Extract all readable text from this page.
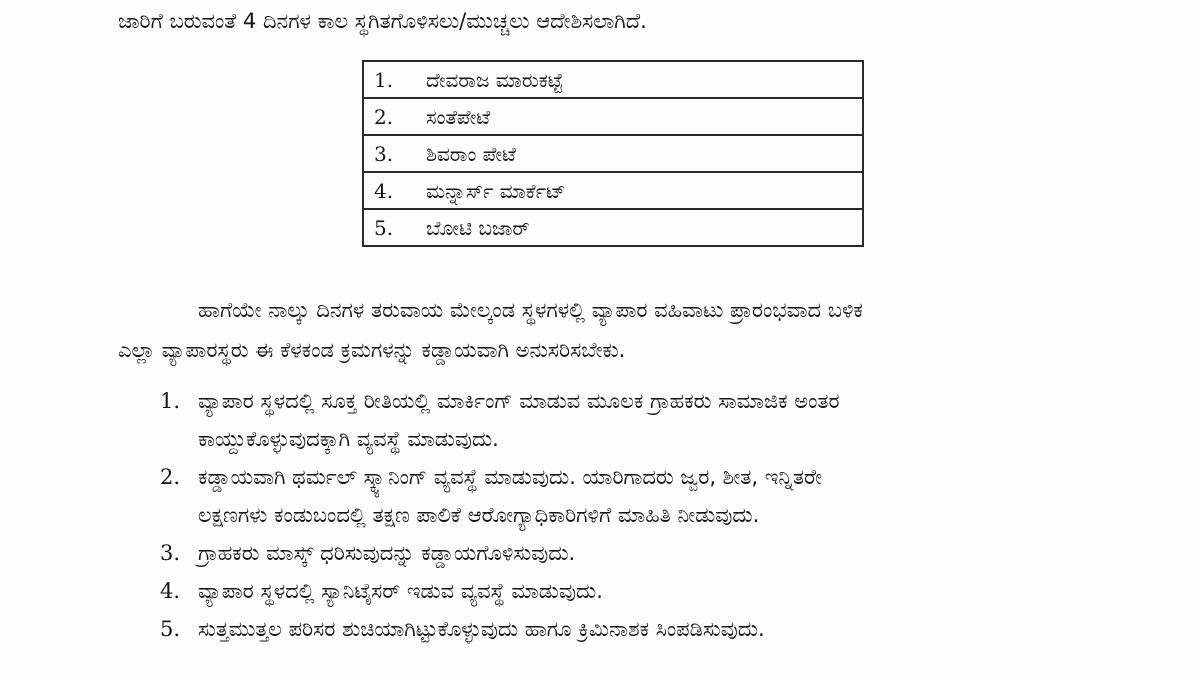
ಜಾರಿಗೆ ಬರುವಂತೆ 4 ದಿನಗಳ ಕಾಲ ಸ್ಥಗಿತಗೊಳಿಸಲು/ಮುಚ್ಚಲು ಆದೇಶಿಸಲಾಗಿದೆ.
1.	ದೇವರಾಜ ಮಾರುಕಟ್ಟೆ
2.	ಸಂತೆಪೇಟೆ
3.	ಶಿವರಾಂ ಪೇಟೆ
4.	ಮನ್ನಾರ್ಸ್ ಮಾರ್ಕೆಟ್
5.	ಬೋಟಿ ಬಜಾರ್
ಹಾಗೆಯೇ ನಾಲ್ಕು ದಿನಗಳ ತರುವಾಯ ಮೇಲ್ಕಂಡ ಸ್ಥಳಗಳಲ್ಲಿ ವ್ಯಾಪಾರ ವಹಿವಾಟು ಪ್ರಾರಂಭವಾದ ಬಳಿಕ
ಎಲ್ಲಾ ವ್ಯಾಪಾರಸ್ಥರು ಈ ಕೆಳಕಂಡ ಕ್ರಮಗಳನ್ನು ಕಡ್ಡಾಯವಾಗಿ ಅನುಸರಿಸಬೇಕು.
1. ವ್ಯಾಪಾರ ಸ್ಥಳದಲ್ಲಿ ಸೂಕ್ತ ರೀತಿಯಲ್ಲಿ ಮಾರ್ಕಿಂಗ್ ಮಾಡುವ ಮೂಲಕ ಗ್ರಾಹಕರು ಸಾಮಾಜಿಕ ಅಂತರ
ಕಾಯ್ದುಕೊಳ್ಳುವುದಕ್ಕಾಗಿ ವ್ಯವಸ್ಥೆ ಮಾಡುವುದು.
2. ಕಡ್ಡಾಯವಾಗಿ ಥರ್ಮಲ್ ಸ್ಕ್ಯಾನಿಂಗ್ ವ್ಯವಸ್ಥೆ ಮಾಡುವುದು. ಯಾರಿಗಾದರು ಜ್ವರ, ಶೀತ, ಇನ್ನಿತರೇ
ಲಕ್ಷಣಗಳು ಕಂಡುಬಂದಲ್ಲಿ ತಕ್ಷಣ ಪಾಲಿಕೆ ಆರೋಗ್ಯಾಧಿಕಾರಿಗಳಿಗೆ ಮಾಹಿತಿ ನೀಡುವುದು.
3. ಗ್ರಾಹಕರು ಮಾಸ್ಕ್ ಧರಿಸುವುದನ್ನು ಕಡ್ಡಾಯಗೊಳಿಸುವುದು.
4. ವ್ಯಾಪಾರ ಸ್ಥಳದಲ್ಲಿ ಸ್ಯಾನಿಟೈಸರ್ ಇಡುವ ವ್ಯವಸ್ಥೆ ಮಾಡುವುದು.
5. ಸುತ್ತಮುತ್ತಲ ಪರಿಸರ ಶುಚಿಯಾಗಿಟ್ಟುಕೊಳ್ಳುವುದು ಹಾಗೂ ಕ್ರಿಮಿನಾಶಕ ಸಿಂಪಡಿಸುವುದು.
